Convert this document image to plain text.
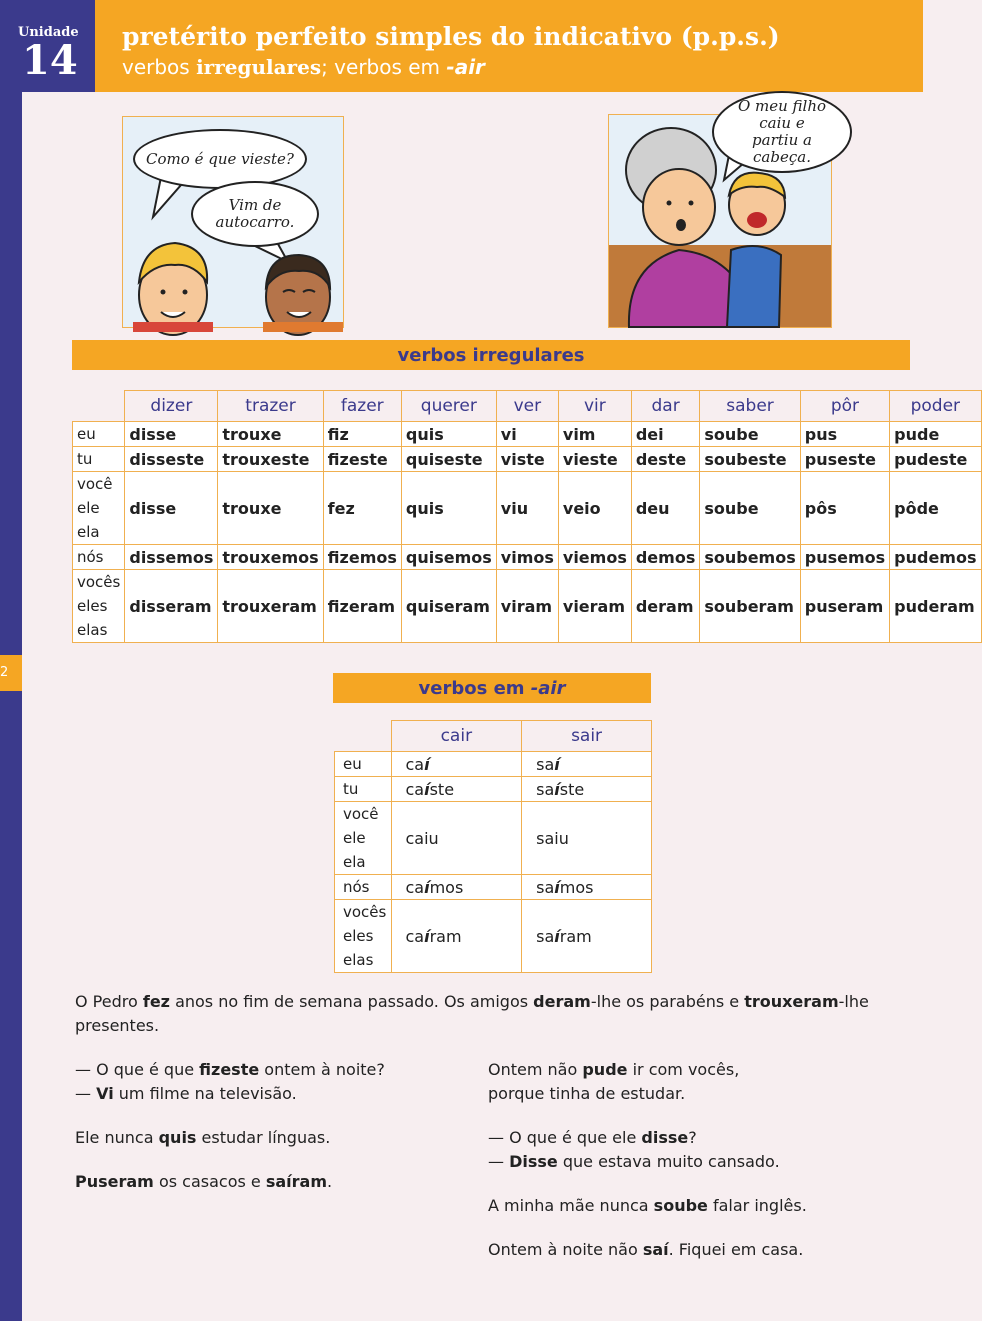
2
Unidade
14
pretérito perfeito simples do indicativo (p.p.s.)
verbos irregulares; verbos em -air
Como é que vieste?
Vim de autocarro.
O meu filho caiu e partiu a cabeça.
verbos irregulares
	dizer	trazer	fazer	querer	ver	vir	dar	saber	pôr	poder

eu	disse	trouxe	fiz	quis	vi	vim	dei	soube	pus	pude

tu	disseste	trouxeste	fizeste	quiseste	viste	vieste	deste	soubeste	puseste	pudeste

você
ele
ela	disse	trouxe	fez	quis	viu	veio	deu	soube	pôs	pôde

nós	dissemos	trouxemos	fizemos	quisemos	vimos	viemos	demos	soubemos	pusemos	pudemos

vocês
eles
elas	disseram	trouxeram	fizeram	quiseram	viram	vieram	deram	souberam	puseram	puderam
verbos em -air
	cair	sair

eu	caí	saí

tu	caíste	saíste

você
ele
ela	caiu	saiu

nós	caímos	saímos

vocês
eles
elas	caíram	saíram
O Pedro fez anos no fim de semana passado. Os amigos deram-lhe os parabéns e trouxeram-lhe presentes.
— O que é que fizeste ontem à noite?
— Vi um filme na televisão.
Ele nunca quis estudar línguas.
Puseram os casacos e saíram.
Ontem não pude ir com vocês,
porque tinha de estudar.
— O que é que ele disse?
— Disse que estava muito cansado.
A minha mãe nunca soube falar inglês.
Ontem à noite não saí. Fiquei em casa.
